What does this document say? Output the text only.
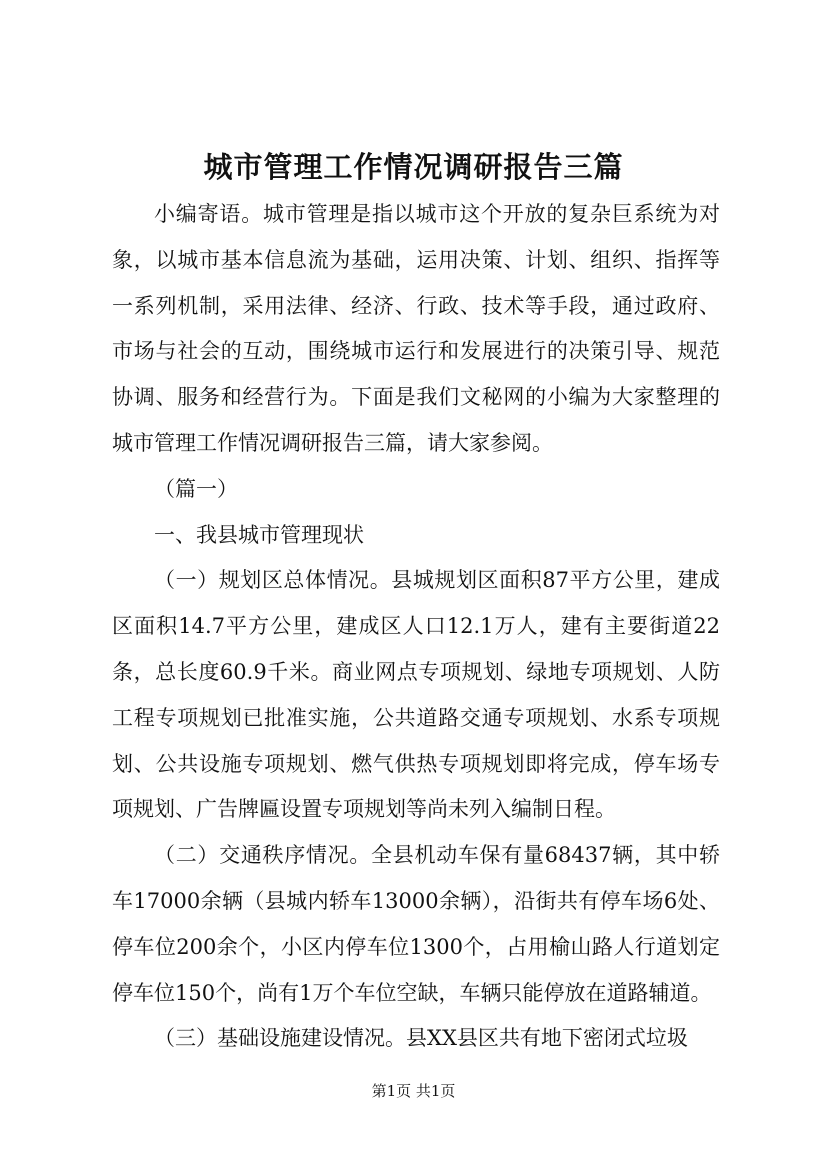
城市管理工作情况调研报告三篇

小编寄语。城市管理是指以城市这个开放的复杂巨系统为对象，以城市基本信息流为基础，运用决策、计划、组织、指挥等一系列机制，采用法律、经济、行政、技术等手段，通过政府、市场与社会的互动，围绕城市运行和发展进行的决策引导、规范协调、服务和经营行为。下面是我们文秘网的小编为大家整理的城市管理工作情况调研报告三篇，请大家参阅。

（篇一）

一、我县城市管理现状

（一）规划区总体情况。县城规划区面积87平方公里，建成区面积14.7平方公里，建成区人口12.1万人，建有主要街道22条，总长度60.9千米。商业网点专项规划、绿地专项规划、人防工程专项规划已批准实施，公共道路交通专项规划、水系专项规划、公共设施专项规划、燃气供热专项规划即将完成，停车场专项规划、广告牌匾设置专项规划等尚未列入编制日程。

（二）交通秩序情况。全县机动车保有量68437辆，其中轿车17000余辆（县城内轿车13000余辆），沿街共有停车场6处、停车位200余个，小区内停车位1300个，占用榆山路人行道划定停车位150个，尚有1万个车位空缺，车辆只能停放在道路辅道。

（三）基础设施建设情况。县XX县区共有地下密闭式垃圾

第1页 共1页
